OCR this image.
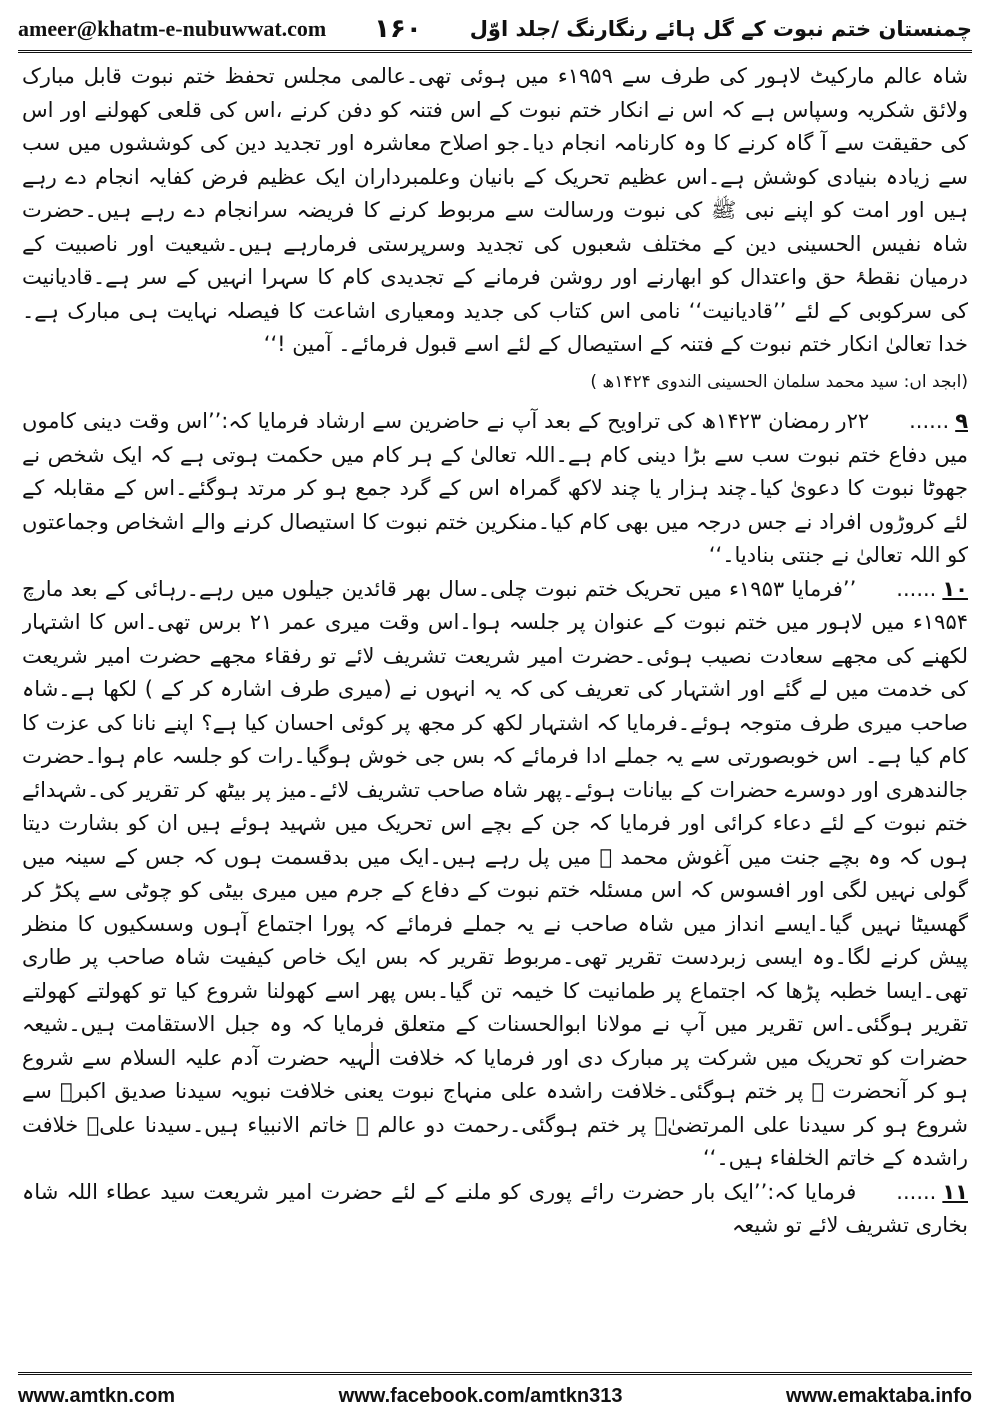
ameer@khatm-e-nubuwwat.com ۱۶۰ چمنستان ختم نبوت کے گل ہائے رنگارنگ /جلد اوّل

شاہ عالم مارکیٹ لاہور کی طرف سے ۱۹۵۹ء میں ہوئی تھی۔عالمی مجلس تحفظ ختم نبوت قابل مبارک ولائق شکریہ وسپاس ہے کہ اس نے انکار ختم نبوت کے اس فتنہ کو دفن کرنے ،اس کی قلعی کھولنے اور اس کی حقیقت سے آ گاہ کرنے کا وہ کارنامہ انجام دیا۔جو اصلاح معاشرہ اور تجدید دین کی کوششوں میں سب سے زیادہ بنیادی کوشش ہے۔اس عظیم تحریک کے بانیان وعلمبرداران ایک عظیم فرض کفایہ انجام دے رہے ہیں اور امت کو اپنے نبی ﷺ کی نبوت ورسالت سے مربوط کرنے کا فریضہ سرانجام دے رہے ہیں۔حضرت شاہ نفیس الحسینی دین کے مختلف شعبوں کی تجدید وسرپرستی فرمارہے ہیں۔شیعیت اور ناصبیت کے درمیان نقطۂ حق واعتدال کو ابھارنے اور روشن فرمانے کے تجدیدی کام کا سہرا انہیں کے سر ہے۔قادیانیت کی سرکوبی کے لئے ’’قادیانیت‘‘ نامی اس کتاب کی جدید ومعیاری اشاعت کا فیصلہ نہایت ہی مبارک ہے۔خدا تعالیٰ انکار ختم نبوت کے فتنہ کے استیصال کے لئے اسے قبول فرمائے۔ آمین !‘‘

(ابجد اں: سید محمد سلمان الحسینی الندوی ۱۴۲۴ھ )

۹......۲۲ر رمضان ۱۴۲۳ھ کی تراویح کے بعد آپ نے حاضرین سے ارشاد فرمایا کہ:’’اس وقت دینی کاموں میں دفاع ختم نبوت سب سے بڑا دینی کام ہے۔اللہ تعالیٰ کے ہر کام میں حکمت ہوتی ہے کہ ایک شخص نے جھوٹا نبوت کا دعویٰ کیا۔چند ہزار یا چند لاکھ گمراہ اس کے گرد جمع ہو کر مرتد ہوگئے۔اس کے مقابلہ کے لئے کروڑوں افراد نے جس درجہ میں بھی کام کیا۔منکرین ختم نبوت کا استیصال کرنے والے اشخاص وجماعتوں کو اللہ تعالیٰ نے جنتی بنادیا۔‘‘

۱۰......’’فرمایا ۱۹۵۳ء میں تحریک ختم نبوت چلی۔سال بھر قائدین جیلوں میں رہے۔رہائی کے بعد مارچ ۱۹۵۴ء میں لاہور میں ختم نبوت کے عنوان پر جلسہ ہوا۔اس وقت میری عمر ۲۱ برس تھی۔اس کا اشتہار لکھنے کی مجھے سعادت نصیب ہوئی۔حضرت امیر شریعت تشریف لائے تو رفقاء مجھے حضرت امیر شریعت کی خدمت میں لے گئے اور اشتہار کی تعریف کی کہ یہ انہوں نے (میری طرف اشارہ کر کے ) لکھا ہے۔شاہ صاحب میری طرف متوجہ ہوئے۔فرمایا کہ اشتہار لکھ کر مجھ پر کوئی احسان کیا ہے؟ اپنے نانا کی عزت کا کام کیا ہے۔ اس خوبصورتی سے یہ جملے ادا فرمائے کہ بس جی خوش ہوگیا۔رات کو جلسہ عام ہوا۔حضرت جالندھری اور دوسرے حضرات کے بیانات ہوئے۔پھر شاہ صاحب تشریف لائے۔میز پر بیٹھ کر تقریر کی۔شہدائے ختم نبوت کے لئے دعاء کرائی اور فرمایا کہ جن کے بچے اس تحریک میں شہید ہوئے ہیں ان کو بشارت دیتا ہوں کہ وہ بچے جنت میں آغوش محمد ﷺ میں پل رہے ہیں۔ایک میں بدقسمت ہوں کہ جس کے سینہ میں گولی نہیں لگی اور افسوس کہ اس مسئلہ ختم نبوت کے دفاع کے جرم میں میری بیٹی کو چوٹی سے پکڑ کر گھسیٹا نہیں گیا۔ایسے انداز میں شاہ صاحب نے یہ جملے فرمائے کہ پورا اجتماع آہوں وسسکیوں کا منظر پیش کرنے لگا۔وہ ایسی زبردست تقریر تھی۔مربوط تقریر کہ بس ایک خاص کیفیت شاہ صاحب پر طاری تھی۔ایسا خطبہ پڑھا کہ اجتماع پر طمانیت کا خیمہ تن گیا۔بس پھر اسے کھولنا شروع کیا تو کھولتے کھولتے تقریر ہوگئی۔اس تقریر میں آپ نے مولانا ابوالحسنات کے متعلق فرمایا کہ وہ جبل الاستقامت ہیں۔شیعہ حضرات کو تحریک میں شرکت پر مبارک دی اور فرمایا کہ خلافت الٰہیہ حضرت آدم علیہ السلام سے شروع ہو کر آنحضرت ﷺ پر ختم ہوگئی۔خلافت راشدہ علی منہاج نبوت یعنی خلافت نبویہ سیدنا صدیق اکبرؓ سے شروع ہو کر سیدنا علی المرتضیٰؓ پر ختم ہوگئی۔رحمت دو عالم ﷺ خاتم الانبیاء ہیں۔سیدنا علیؓ خلافت راشدہ کے خاتم الخلفاء ہیں۔‘‘

۱۱......فرمایا کہ:’’ایک بار حضرت رائے پوری کو ملنے کے لئے حضرت امیر شریعت سید عطاء اللہ شاہ بخاری تشریف لائے تو شیعہ

www.amtkn.com	www.facebook.com/amtkn313	www.emaktaba.info
